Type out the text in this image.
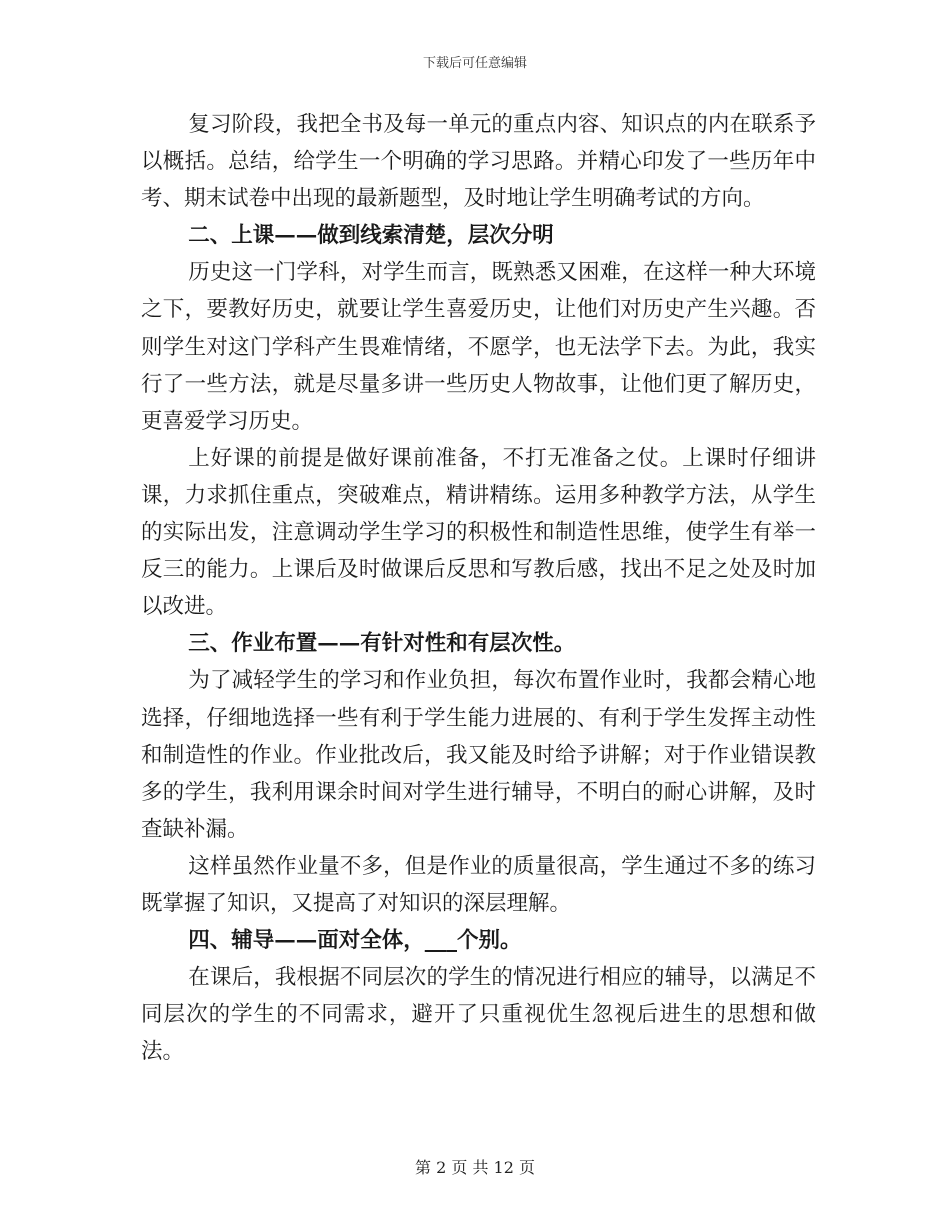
下载后可任意编辑

复习阶段，我把全书及每一单元的重点内容、知识点的内在联系予以概括。总结，给学生一个明确的学习思路。并精心印发了一些历年中考、期末试卷中出现的最新题型，及时地让学生明确考试的方向。

二、上课——做到线索清楚，层次分明

历史这一门学科，对学生而言，既熟悉又困难，在这样一种大环境之下，要教好历史，就要让学生喜爱历史，让他们对历史产生兴趣。否则学生对这门学科产生畏难情绪，不愿学，也无法学下去。为此，我实行了一些方法，就是尽量多讲一些历史人物故事，让他们更了解历史，更喜爱学习历史。

上好课的前提是做好课前准备，不打无准备之仗。上课时仔细讲课，力求抓住重点，突破难点，精讲精练。运用多种教学方法，从学生的实际出发，注意调动学生学习的积极性和制造性思维，使学生有举一反三的能力。上课后及时做课后反思和写教后感，找出不足之处及时加以改进。

三、作业布置——有针对性和有层次性。

为了减轻学生的学习和作业负担，每次布置作业时，我都会精心地选择，仔细地选择一些有利于学生能力进展的、有利于学生发挥主动性和制造性的作业。作业批改后，我又能及时给予讲解；对于作业错误教多的学生，我利用课余时间对学生进行辅导，不明白的耐心讲解，及时查缺补漏。

这样虽然作业量不多，但是作业的质量很高，学生通过不多的练习既掌握了知识，又提高了对知识的深层理解。

四、辅导——面对全体，___个别。

在课后，我根据不同层次的学生的情况进行相应的辅导，以满足不同层次的学生的不同需求，避开了只重视优生忽视后进生的思想和做法。

第 2 页 共 12 页
